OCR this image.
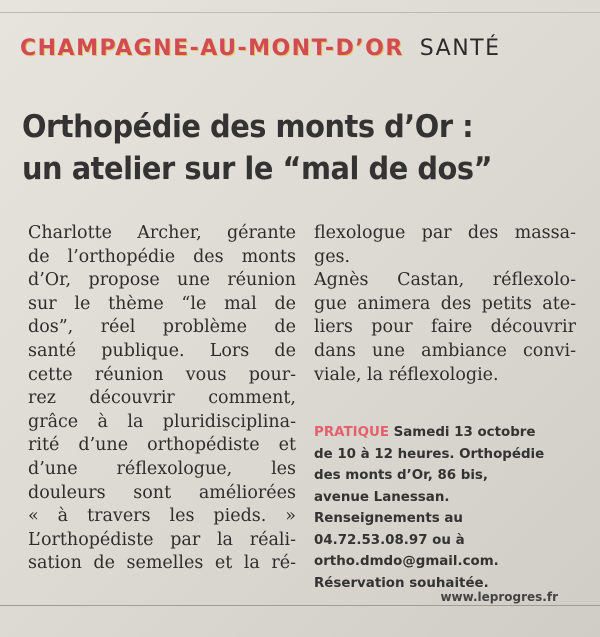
CHAMPAGNE-AU-MONT-D’OR SANTÉ
Orthopédie des monts d’Or :
un atelier sur le “mal de dos”
Charlotte Archer, gérante
de l’orthopédie des monts
d’Or, propose une réunion
sur le thème “le mal de
dos”, réel problème de
santé publique. Lors de
cette réunion vous pour-
rez découvrir comment,
grâce à la pluridisciplina-
rité d’une orthopédiste et
d’une réflexologue, les
douleurs sont améliorées
« à travers les pieds. »
L’orthopédiste par la réali-
sation de semelles et la ré-
flexologue par des massa-
ges.
Agnès Castan, réflexolo-
gue animera des petits ate-
liers pour faire découvrir
dans une ambiance convi-
viale, la réflexologie.
PRATIQUE Samedi 13 octobre
de 10 à 12 heures. Orthopédie
des monts d’Or, 86 bis,
avenue Lanessan.
Renseignements au
04.72.53.08.97 ou à
ortho.dmdo@gmail.com.
Réservation souhaitée.
www.leprogres.fr
